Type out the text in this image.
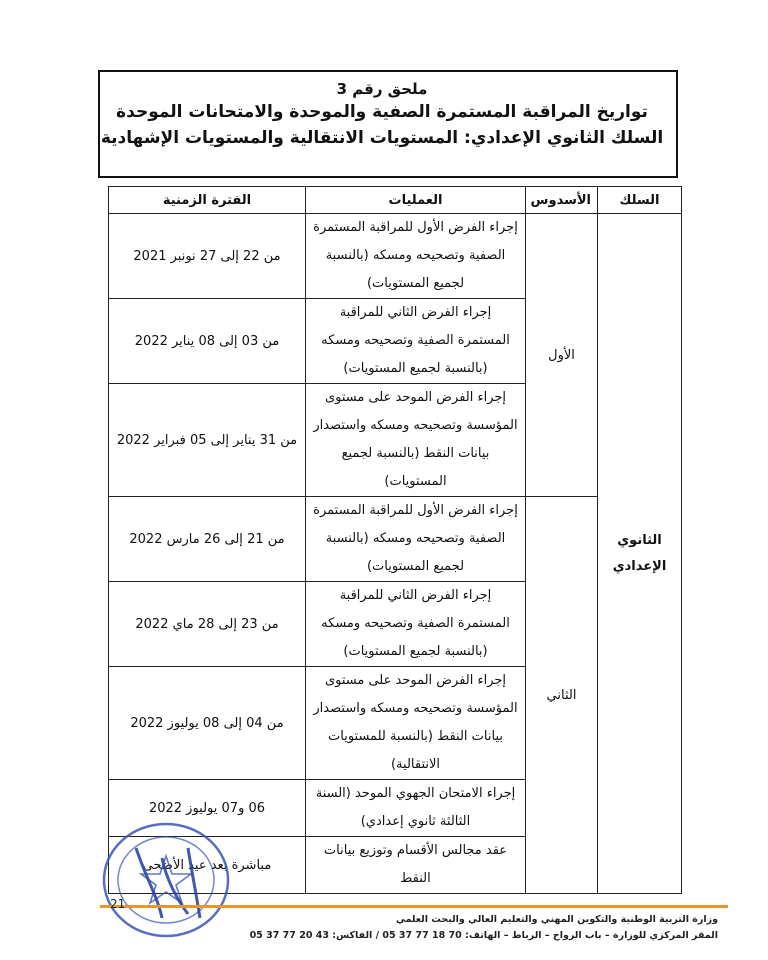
ملحق رقم 3

تواريخ المراقبة المستمرة الصفية والموحدة والامتحانات الموحدة

السلك الثانوي الإعدادي: المستويات الانتقالية والمستويات الإشهادية

السلك	الأسدوس	العمليات	الفترة الزمنية
الثانوي الإعدادي	الأول	إجراء الفرض الأول للمراقبة المستمرة الصفية وتصحيحه ومسكه (بالنسبة لجميع المستويات)	من 22 إلى 27 نونبر 2021
		إجراء الفرض الثاني للمراقبة المستمرة الصفية وتصحيحه ومسكه (بالنسبة لجميع المستويات)	من 03 إلى 08 يناير 2022
		إجراء الفرض الموحد على مستوى المؤسسة وتصحيحه ومسكه واستصدار بيانات النقط (بالنسبة لجميع المستويات)	من 31 يناير إلى 05 فبراير 2022
	الثاني	إجراء الفرض الأول للمراقبة المستمرة الصفية وتصحيحه ومسكه (بالنسبة لجميع المستويات)	من 21 إلى 26 مارس 2022
		إجراء الفرض الثاني للمراقبة المستمرة الصفية وتصحيحه ومسكه (بالنسبة لجميع المستويات)	من 23 إلى 28 ماي 2022
		إجراء الفرض الموحد على مستوى المؤسسة وتصحيحه ومسكه واستصدار بيانات النقط (بالنسبة للمستويات الانتقالية)	من 04 إلى 08 يوليوز 2022
		إجراء الامتحان الجهوي الموحد (السنة الثالثة ثانوي إعدادي)	06 و07 يوليوز 2022
		عقد مجالس الأقسام وتوزيع بيانات النقط	مباشرة بعد عيد الأضحى
21
وزارة التربية الوطنية والتكوين المهني والتعليم العالي والبحث العلمي
المقر المركزي للوزارة – باب الرواح – الرباط – الهاتف: 70 18 77 37 05 / الفاكس: 43 20 77 37 05
